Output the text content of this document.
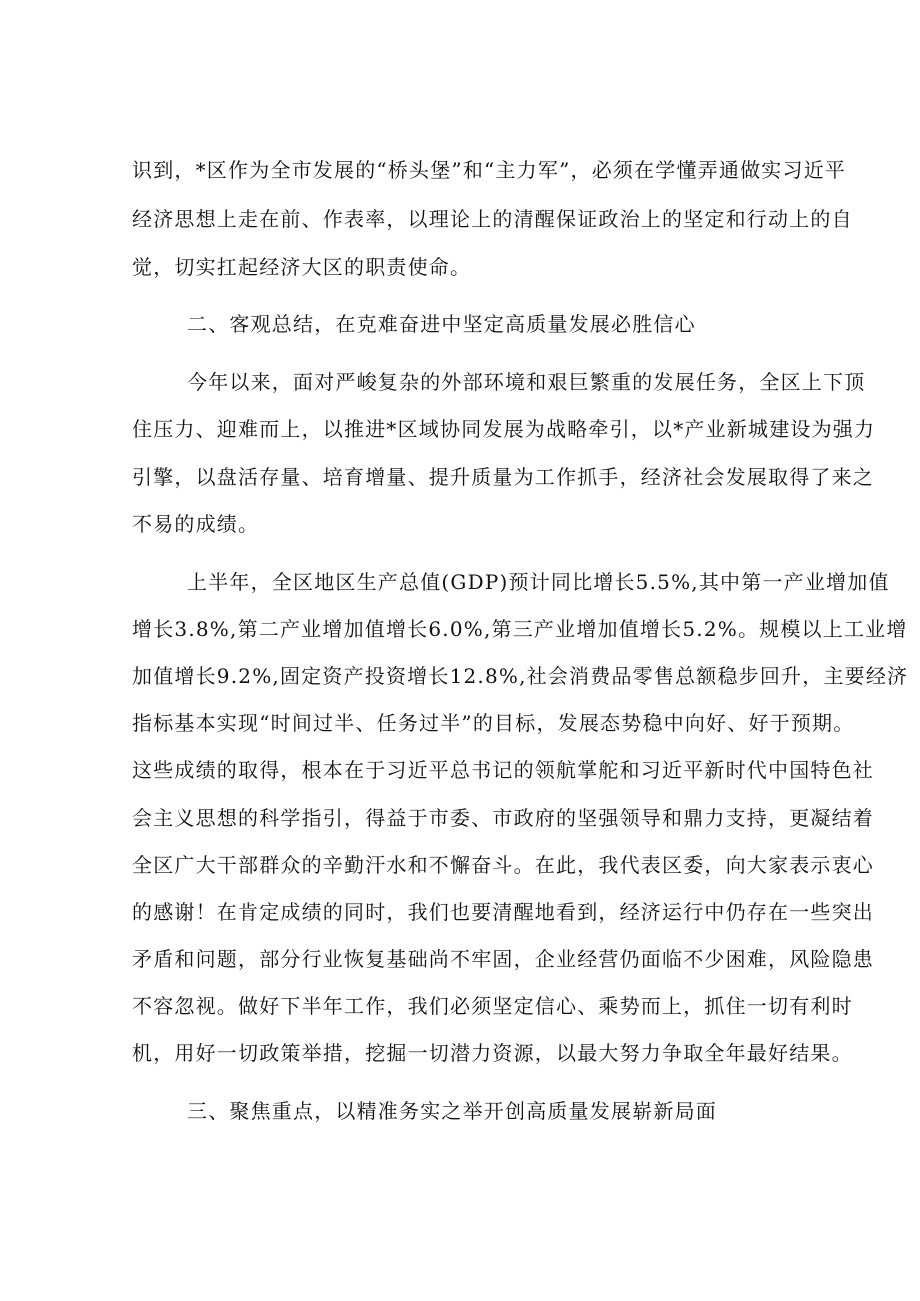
识到，*区作为全市发展的“桥头堡”和“主力军”，必须在学懂弄通做实习近平
经济思想上走在前、作表率，以理论上的清醒保证政治上的坚定和行动上的自
觉，切实扛起经济大区的职责使命。
二、客观总结，在克难奋进中坚定高质量发展必胜信心
今年以来，面对严峻复杂的外部环境和艰巨繁重的发展任务，全区上下顶
住压力、迎难而上，以推进*区域协同发展为战略牵引，以*产业新城建设为强力
引擎，以盘活存量、培育增量、提升质量为工作抓手，经济社会发展取得了来之
不易的成绩。
上半年，全区地区生产总值(GDP)预计同比增长5.5%,其中第一产业增加值
增长3.8%,第二产业增加值增长6.0%,第三产业增加值增长5.2%。规模以上工业增
加值增长9.2%,固定资产投资增长12.8%,社会消费品零售总额稳步回升，主要经济
指标基本实现“时间过半、任务过半”的目标，发展态势稳中向好、好于预期。
这些成绩的取得，根本在于习近平总书记的领航掌舵和习近平新时代中国特色社
会主义思想的科学指引，得益于市委、市政府的坚强领导和鼎力支持，更凝结着
全区广大干部群众的辛勤汗水和不懈奋斗。在此，我代表区委，向大家表示衷心
的感谢！在肯定成绩的同时，我们也要清醒地看到，经济运行中仍存在一些突出
矛盾和问题，部分行业恢复基础尚不牢固，企业经营仍面临不少困难，风险隐患
不容忽视。做好下半年工作，我们必须坚定信心、乘势而上，抓住一切有利时
机，用好一切政策举措，挖掘一切潜力资源，以最大努力争取全年最好结果。
三、聚焦重点，以精准务实之举开创高质量发展崭新局面
